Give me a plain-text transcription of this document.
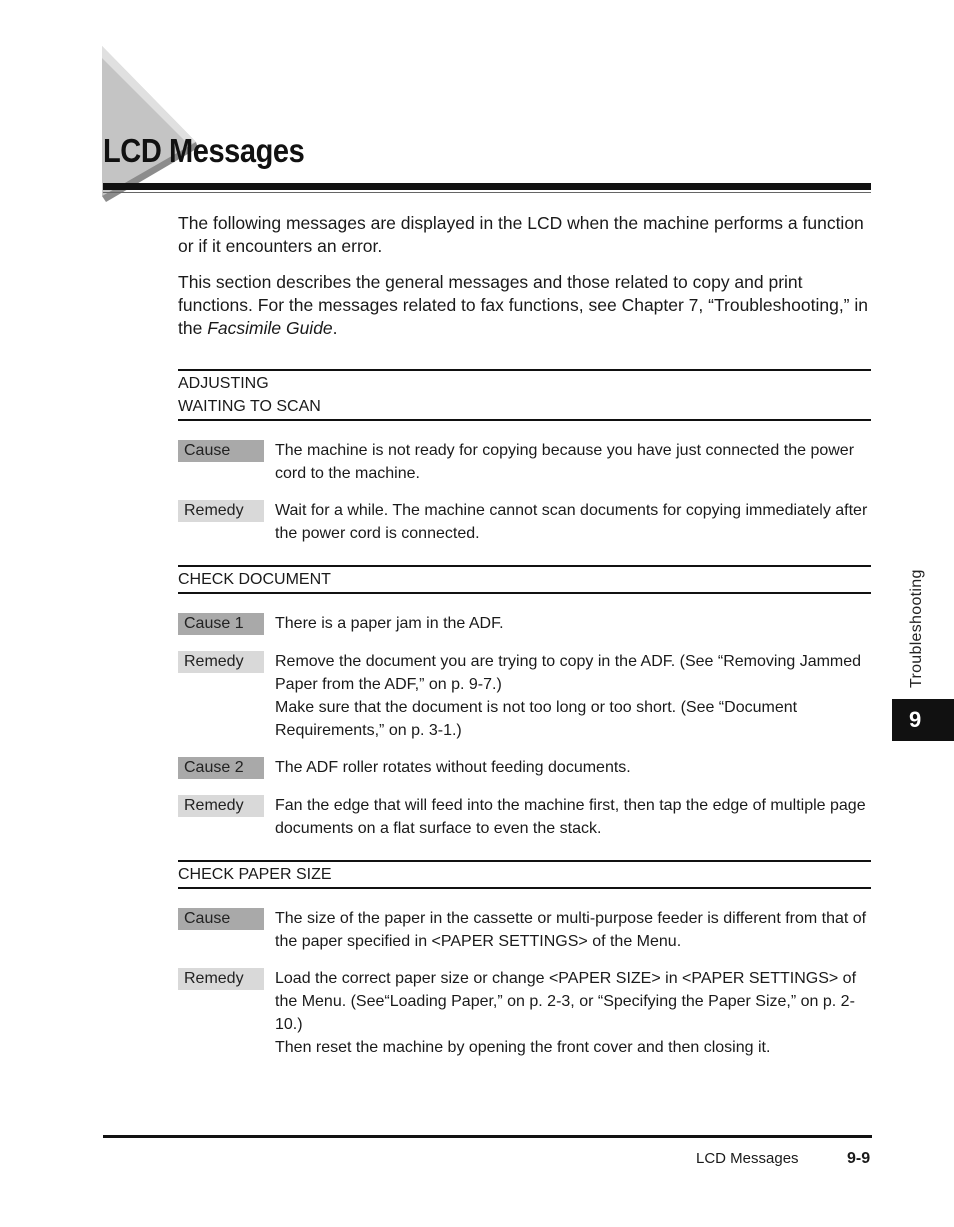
LCD Messages

The following messages are displayed in the LCD when the machine performs a function or if it encounters an error.

This section describes the general messages and those related to copy and print functions. For the messages related to fax functions, see Chapter 7, “Troubleshooting,” in the Facsimile Guide.

ADJUSTING
WAITING TO SCAN
Cause	The machine is not ready for copying because you have just connected the power cord to the machine.
Remedy	Wait for a while. The machine cannot scan documents for copying immediately after the power cord is connected.
CHECK DOCUMENT
Cause 1	There is a paper jam in the ADF.
Remedy	Remove the document you are trying to copy in the ADF. (See “Removing Jammed Paper from the ADF,” on p. 9-7.)
Make sure that the document is not too long or too short. (See “Document Requirements,” on p. 3-1.)
Cause 2	The ADF roller rotates without feeding documents.
Remedy	Fan the edge that will feed into the machine first, then tap the edge of multiple page documents on a flat surface to even the stack.
CHECK PAPER SIZE
Cause	The size of the paper in the cassette or multi-purpose feeder is different from that of the paper specified in <PAPER SETTINGS> of the Menu.
Remedy	Load the correct paper size or change <PAPER SIZE> in <PAPER SETTINGS> of the Menu. (See“Loading Paper,” on p. 2-3, or “Specifying the Paper Size,” on p. 2-10.)
Then reset the machine by opening the front cover and then closing it.
Troubleshooting
9
LCD Messages	9-9
